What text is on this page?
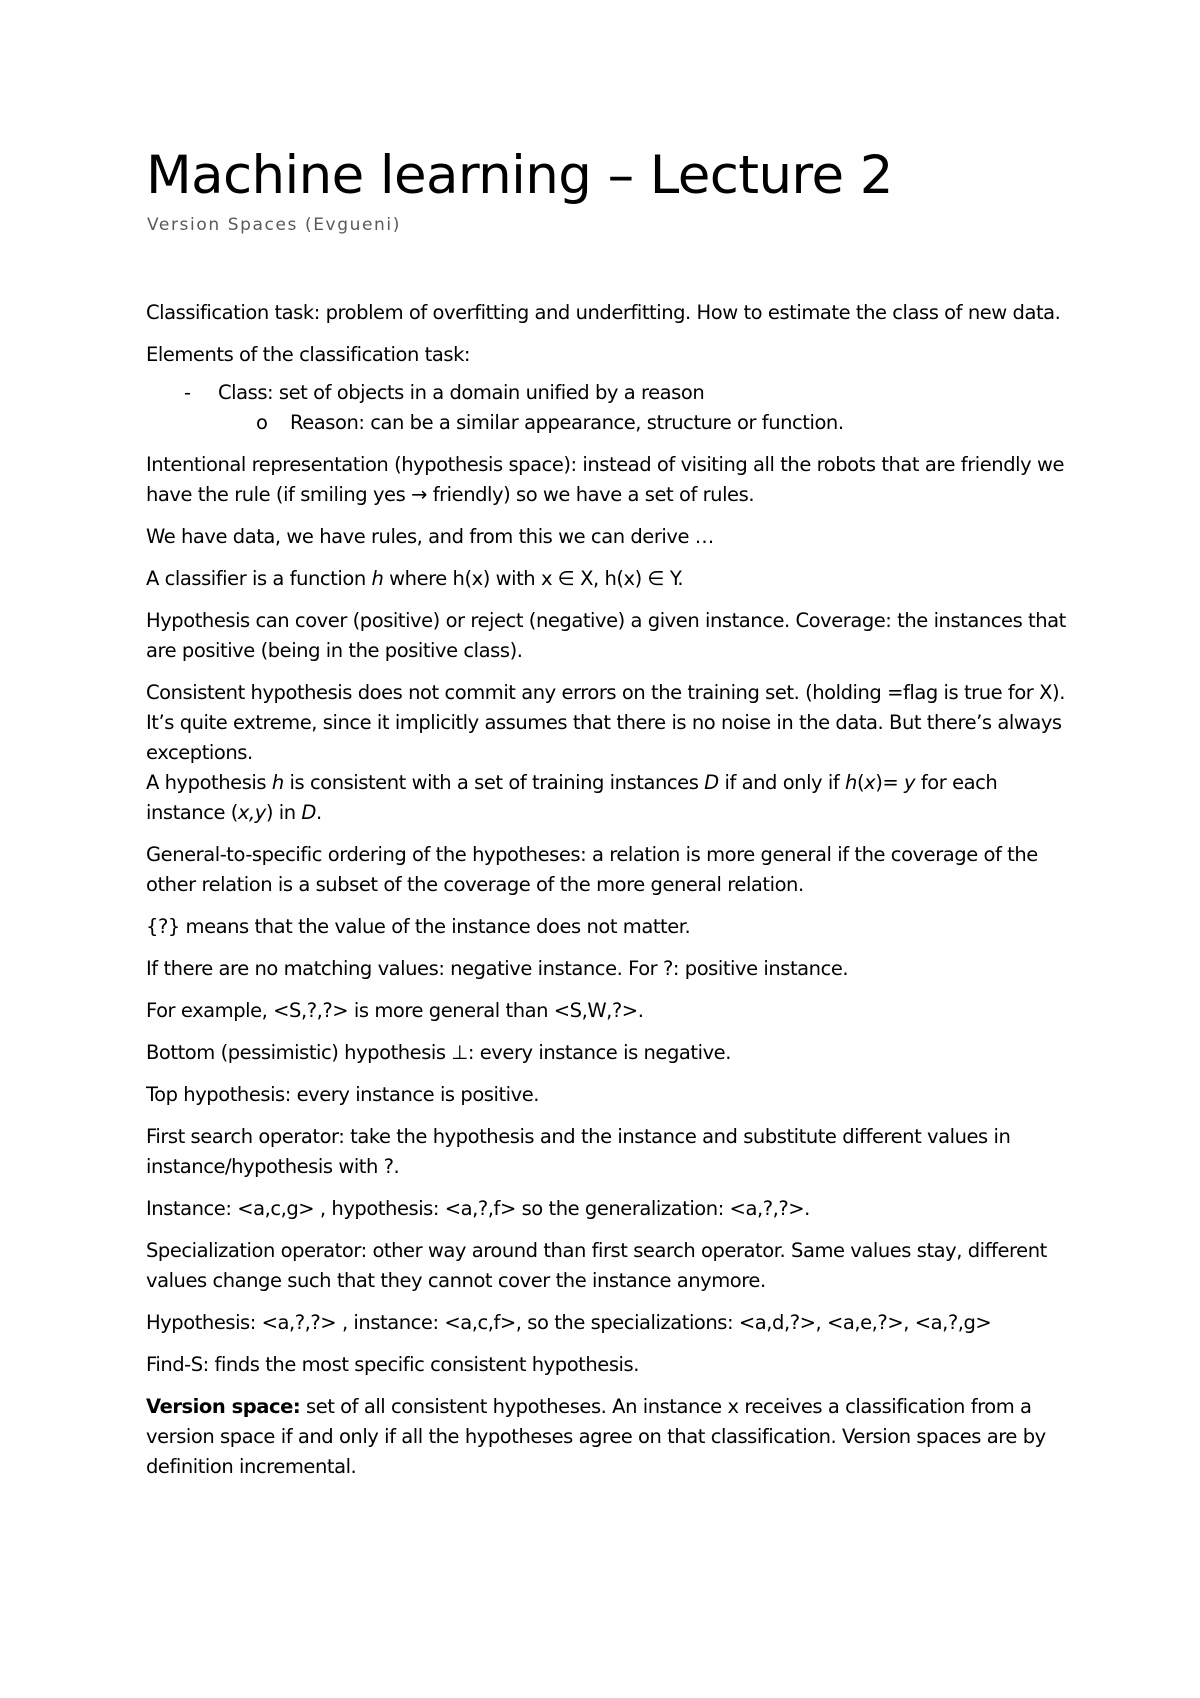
Machine learning – Lecture 2
Version Spaces (Evgueni)

Classification task: problem of overfitting and underfitting. How to estimate the class of new data.

Elements of the classification task:

- Class: set of objects in a domain unified by a reason
o Reason: can be a similar appearance, structure or function.

Intentional representation (hypothesis space): instead of visiting all the robots that are friendly we have the rule (if smiling yes → friendly) so we have a set of rules.

We have data, we have rules, and from this we can derive …

A classifier is a function h where h(x) with x ∈ X, h(x) ∈ Y.

Hypothesis can cover (positive) or reject (negative) a given instance. Coverage: the instances that are positive (being in the positive class).

Consistent hypothesis does not commit any errors on the training set. (holding =flag is true for X). It’s quite extreme, since it implicitly assumes that there is no noise in the data. But there’s always exceptions.

A hypothesis h is consistent with a set of training instances D if and only if h(x)= y for each instance (x,y) in D.

General-to-specific ordering of the hypotheses: a relation is more general if the coverage of the other relation is a subset of the coverage of the more general relation.

{?} means that the value of the instance does not matter.

If there are no matching values: negative instance. For ?: positive instance.

For example, <S,?,?> is more general than <S,W,?>.

Bottom (pessimistic) hypothesis ⊥: every instance is negative.

Top hypothesis: every instance is positive.

First search operator: take the hypothesis and the instance and substitute different values in instance/hypothesis with ?.

Instance: <a,c,g> , hypothesis: <a,?,f> so the generalization: <a,?,?>.

Specialization operator: other way around than first search operator. Same values stay, different values change such that they cannot cover the instance anymore.

Hypothesis: <a,?,?> , instance: <a,c,f>, so the specializations: <a,d,?>, <a,e,?>, <a,?,g>

Find-S: finds the most specific consistent hypothesis.

Version space: set of all consistent hypotheses. An instance x receives a classification from a version space if and only if all the hypotheses agree on that classification. Version spaces are by definition incremental.
